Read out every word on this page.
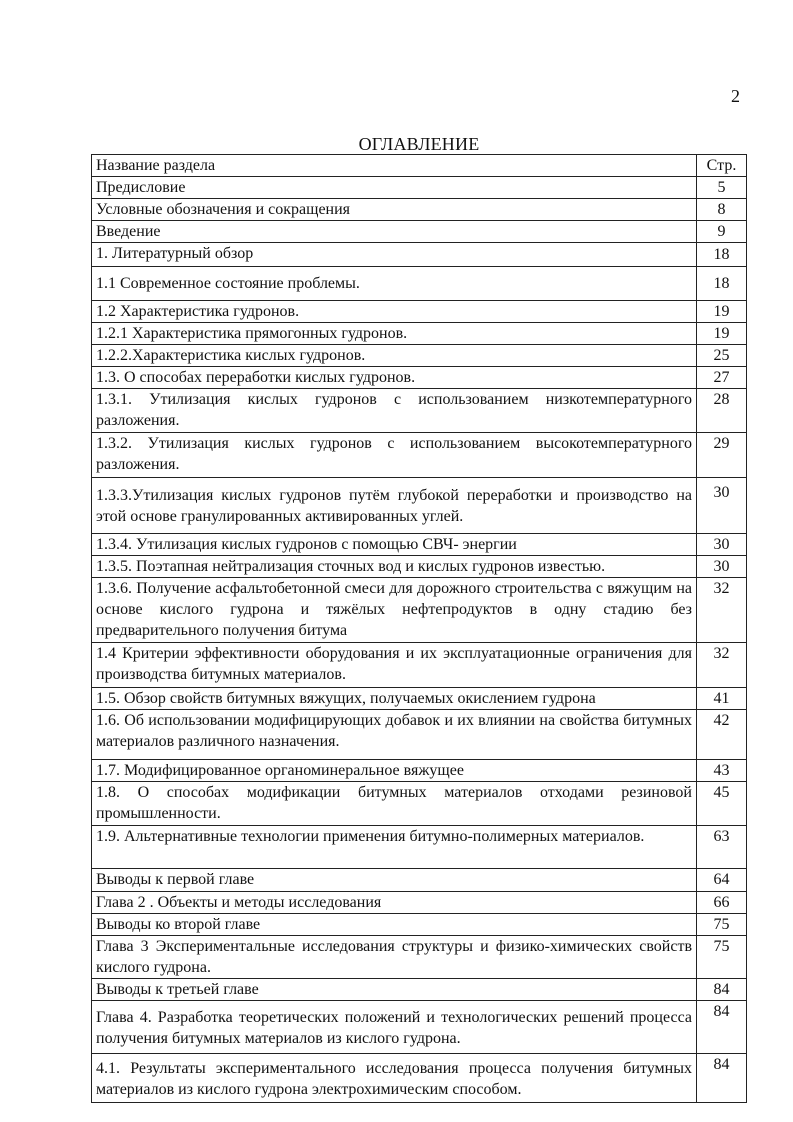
2
ОГЛАВЛЕНИЕ
Название раздела	Стр.
Предисловие	5
Условные обозначения и сокращения	8
Введение	9
1. Литературный обзор	18
1.1 Современное состояние проблемы.	18
1.2 Характеристика гудронов.	19
1.2.1 Характеристика прямогонных гудронов.	19
1.2.2.Характеристика кислых гудронов.	25
1.3. О способах переработки кислых гудронов.	27
1.3.1. Утилизация кислых гудронов с использованием низкотемпературного разложения.	28
1.3.2. Утилизация кислых гудронов с использованием высокотемпературного разложения.	29
1.3.3.Утилизация кислых гудронов путём глубокой переработки и производство на этой основе гранулированных активированных углей.	30
1.3.4. Утилизация кислых гудронов с помощью СВЧ- энергии	30
1.3.5. Поэтапная нейтрализация сточных вод и кислых гудронов известью.	30
1.3.6. Получение асфальтобетонной смеси для дорожного строительства с вяжущим на основе кислого гудрона и тяжёлых нефтепродуктов в одну стадию без предварительного получения битума	32
1.4 Критерии эффективности оборудования и их эксплуатационные ограничения для производства битумных материалов.	32
1.5. Обзор свойств битумных вяжущих, получаемых окислением гудрона	41
1.6. Об использовании модифицирующих добавок и их влиянии на свойства битумных материалов различного назначения.	42
1.7. Модифицированное органоминеральное вяжущее	43
1.8. О способах модификации битумных материалов отходами резиновой промышленности.	45
1.9. Альтернативные технологии применения битумно-полимерных материалов.	63
Выводы к первой главе	64
Глава 2 . Объекты и методы исследования	66
Выводы ко второй главе	75
Глава 3 Экспериментальные исследования структуры и физико-химических свойств кислого гудрона.	75
Выводы к третьей главе	84
Глава 4. Разработка теоретических положений и технологических решений процесса получения битумных материалов из кислого гудрона.	84
4.1. Результаты экспериментального исследования процесса получения битумных материалов из кислого гудрона электрохимическим способом.	84
